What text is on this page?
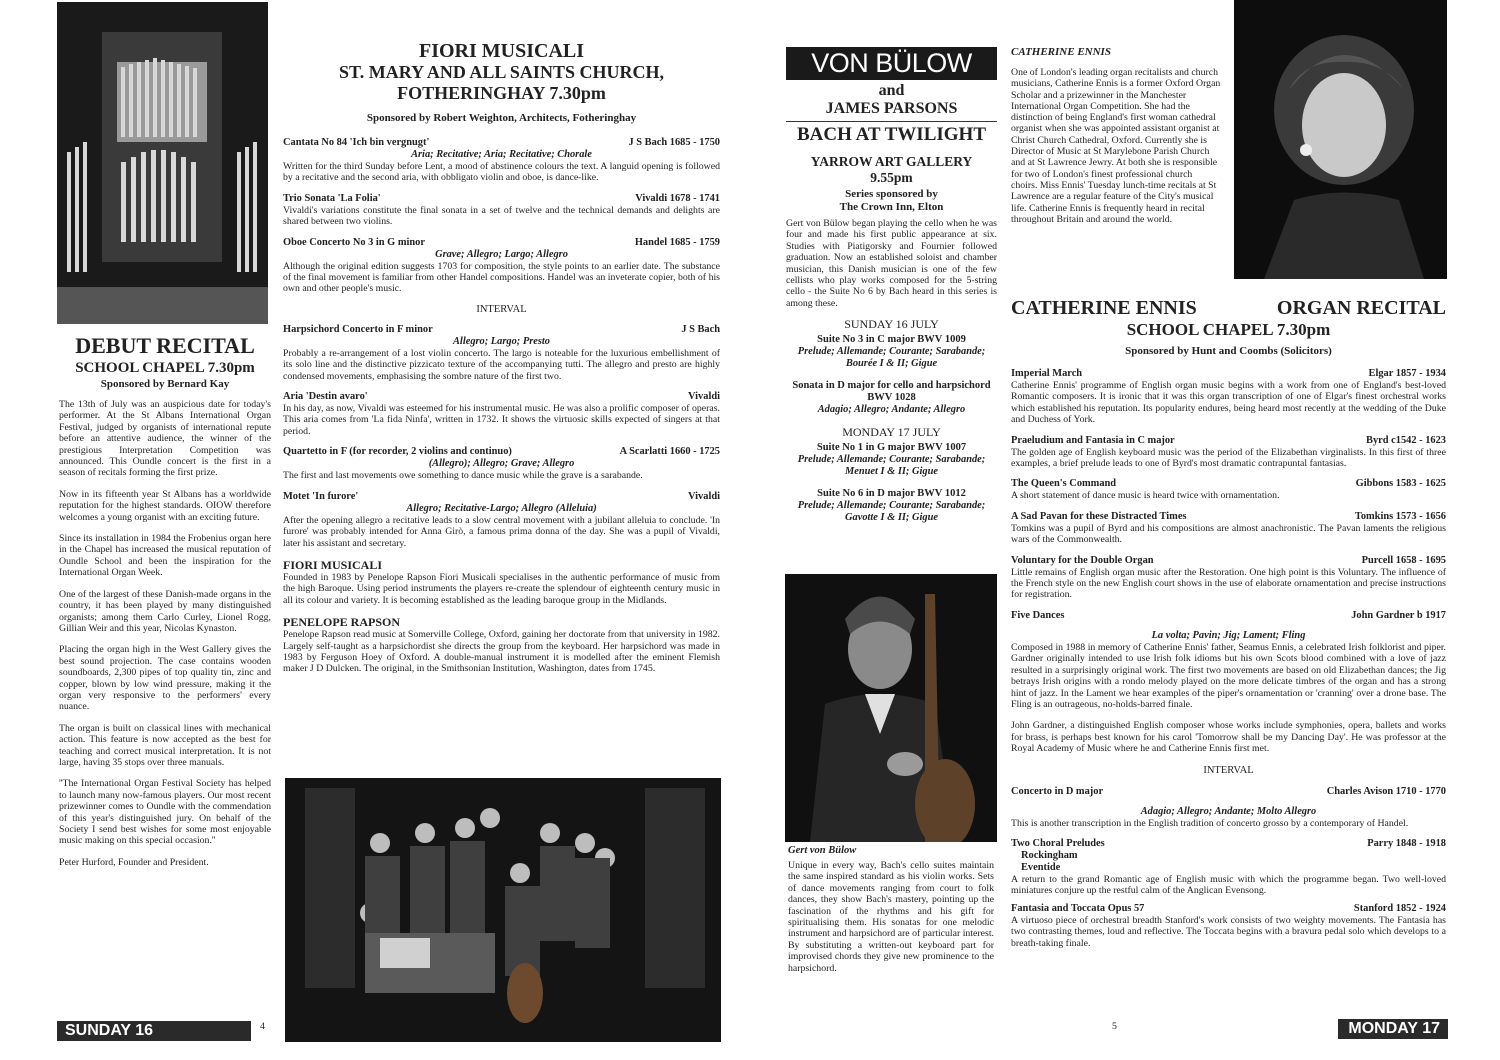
DEBUT RECITAL
SCHOOL CHAPEL 7.30pm
Sponsored by Bernard Kay
The 13th of July was an auspicious date for today's performer. At the St Albans International Organ Festival, judged by organists of international repute before an attentive audience, the winner of the prestigious Interpretation Competition was announced. This Oundle concert is the first in a season of recitals forming the first prize.
Now in its fifteenth year St Albans has a worldwide reputation for the highest standards. OIOW therefore welcomes a young organist with an exciting future.
Since its installation in 1984 the Frobenius organ here in the Chapel has increased the musical reputation of Oundle School and been the inspiration for the International Organ Week.
One of the largest of these Danish-made organs in the country, it has been played by many distinguished organists; among them Carlo Curley, Lionel Rogg, Gillian Weir and this year, Nicolas Kynaston.
Placing the organ high in the West Gallery gives the best sound projection. The case contains wooden soundboards, 2,300 pipes of top quality tin, zinc and copper, blown by low wind pressure, making it the organ very responsive to the performers' every nuance.
The organ is built on classical lines with mechanical action. This feature is now accepted as the best for teaching and correct musical interpretation. It is not large, having 35 stops over three manuals.
''The International Organ Festival Society has helped to launch many now-famous players. Our most recent prizewinner comes to Oundle with the commendation of this year's distinguished jury. On behalf of the Society I send best wishes for some most enjoyable music making on this special occasion.''
Peter Hurford, Founder and President.
FIORI MUSICALI
ST. MARY AND ALL SAINTS CHURCH,
FOTHERINGHAY 7.30pm
Sponsored by Robert Weighton, Architects, Fotheringhay
Cantata No 84 'Ich bin vergnugt'	J S Bach 1685 - 1750
Aria; Recitative; Aria; Recitative; Chorale
Written for the third Sunday before Lent, a mood of abstinence colours the text. A languid opening is followed by a recitative and the second aria, with obbligato violin and oboe, is dance-like.
Trio Sonata 'La Folia'	Vivaldi 1678 - 1741
Vivaldi's variations constitute the final sonata in a set of twelve and the technical demands and delights are shared between two violins.
Oboe Concerto No 3 in G minor	Handel 1685 - 1759
Grave; Allegro; Largo; Allegro
Although the original edition suggests 1703 for composition, the style points to an earlier date. The substance of the final movement is familiar from other Handel compositions. Handel was an inveterate copier, both of his own and other people's music.
INTERVAL
Harpsichord Concerto in F minor	J S Bach
Allegro; Largo; Presto
Probably a re-arrangement of a lost violin concerto. The largo is noteable for the luxurious embellishment of its solo line and the distinctive pizzicato texture of the accompanying tutti. The allegro and presto are highly condensed movements, emphasising the sombre nature of the first two.
Aria 'Destin avaro'	Vivaldi
In his day, as now, Vivaldi was esteemed for his instrumental music. He was also a prolific composer of operas. This aria comes from 'La fida Ninfa', written in 1732. It shows the virtuosic skills expected of singers at that period.
Quartetto in F (for recorder, 2 violins and continuo)	A Scarlatti 1660 - 1725
(Allegro); Allegro; Grave; Allegro
The first and last movements owe something to dance music while the grave is a sarabande.
Motet 'In furore'	Vivaldi
Allegro; Recitative-Largo; Allegro (Alleluia)
After the opening allegro a recitative leads to a slow central movement with a jubilant alleluia to conclude. 'In furore' was probably intended for Anna Girò, a famous prima donna of the day. She was a pupil of Vivaldi, later his assistant and secretary.
FIORI MUSICALI
Founded in 1983 by Penelope Rapson Fiori Musicali specialises in the authentic performance of music from the high Baroque. Using period instruments the players re-create the splendour of eighteenth century music in all its colour and variety. It is becoming established as the leading baroque group in the Midlands.
PENELOPE RAPSON
Penelope Rapson read music at Somerville College, Oxford, gaining her doctorate from that university in 1982. Largely self-taught as a harpsichordist she directs the group from the keyboard. Her harpsichord was made in 1983 by Ferguson Hoey of Oxford. A double-manual instrument it is modelled after the eminent Flemish maker J D Dulcken. The original, in the Smithsonian Institution, Washington, dates from 1745.
SUNDAY 16	4
VON BÜLOW
and
JAMES PARSONS
BACH AT TWILIGHT
YARROW ART GALLERY
9.55pm
Series sponsored by
The Crown Inn, Elton
Gert von Bülow began playing the cello when he was four and made his first public appearance at six. Studies with Piatigorsky and Fournier followed graduation. Now an established soloist and chamber musician, this Danish musician is one of the few cellists who play works composed for the 5-string cello - the Suite No 6 by Bach heard in this series is among these.
SUNDAY 16 JULY
Suite No 3 in C major BWV 1009
Prelude; Allemande; Courante; Sarabande; Bourée I & II; Gigue
Sonata in D major for cello and harpsichord BWV 1028
Adagio; Allegro; Andante; Allegro
MONDAY 17 JULY
Suite No 1 in G major BWV 1007
Prelude; Allemande; Courante; Sarabande; Menuet I & II; Gigue
Suite No 6 in D major BWV 1012
Prelude; Allemande; Courante; Sarabande; Gavotte I & II; Gigue
Gert von Bülow
Unique in every way, Bach's cello suites maintain the same inspired standard as his violin works. Sets of dance movements ranging from court to folk dances, they show Bach's mastery, pointing up the fascination of the rhythms and his gift for spiritualising them. His sonatas for one melodic instrument and harpsichord are of particular interest. By substituting a written-out keyboard part for improvised chords they give new prominence to the harpsichord.
CATHERINE ENNIS
One of London's leading organ recitalists and church musicians, Catherine Ennis is a former Oxford Organ Scholar and a prizewinner in the Manchester International Organ Competition. She had the distinction of being England's first woman cathedral organist when she was appointed assistant organist at Christ Church Cathedral, Oxford. Currently she is Director of Music at St Marylebone Parish Church and at St Lawrence Jewry. At both she is responsible for two of London's finest professional church choirs. Miss Ennis' Tuesday lunch-time recitals at St Lawrence are a regular feature of the City's musical life. Catherine Ennis is frequently heard in recital throughout Britain and around the world.
CATHERINE ENNIS	ORGAN RECITAL
SCHOOL CHAPEL 7.30pm
Sponsored by Hunt and Coombs (Solicitors)
Imperial March	Elgar 1857 - 1934
Catherine Ennis' programme of English organ music begins with a work from one of England's best-loved Romantic composers. It is ironic that it was this organ transcription of one of Elgar's finest orchestral works which established his reputation. Its popularity endures, being heard most recently at the wedding of the Duke and Duchess of York.
Praeludium and Fantasia in C major	Byrd c1542 - 1623
The golden age of English keyboard music was the period of the Elizabethan virginalists. In this first of three examples, a brief prelude leads to one of Byrd's most dramatic contrapuntal fantasias.
The Queen's Command	Gibbons 1583 - 1625
A short statement of dance music is heard twice with ornamentation.
A Sad Pavan for these Distracted Times	Tomkins 1573 - 1656
Tomkins was a pupil of Byrd and his compositions are almost anachronistic. The Pavan laments the religious wars of the Commonwealth.
Voluntary for the Double Organ	Purcell 1658 - 1695
Little remains of English organ music after the Restoration. One high point is this Voluntary. The influence of the French style on the new English court shows in the use of elaborate ornamentation and precise instructions for registration.
Five Dances	John Gardner b 1917
La volta; Pavin; Jig; Lament; Fling
Composed in 1988 in memory of Catherine Ennis' father, Seamus Ennis, a celebrated Irish folklorist and piper. Gardner originally intended to use Irish folk idioms but his own Scots blood combined with a love of jazz resulted in a surprisingly original work. The first two movements are based on old Elizabethan dances; the Jig betrays Irish origins with a rondo melody played on the more delicate timbres of the organ and has a strong hint of jazz. In the Lament we hear examples of the piper's ornamentation or 'cranning' over a drone base. The Fling is an outrageous, no-holds-barred finale.
John Gardner, a distinguished English composer whose works include symphonies, opera, ballets and works for brass, is perhaps best known for his carol 'Tomorrow shall be my Dancing Day'. He was professor at the Royal Academy of Music where he and Catherine Ennis first met.
INTERVAL
Concerto in D major	Charles Avison 1710 - 1770
Adagio; Allegro; Andante; Molto Allegro
This is another transcription in the English tradition of concerto grosso by a contemporary of Handel.
Two Choral Preludes	Parry 1848 - 1918
Rockingham
Eventide
A return to the grand Romantic age of English music with which the programme began. Two well-loved miniatures conjure up the restful calm of the Anglican Evensong.
Fantasia and Toccata Opus 57	Stanford 1852 - 1924
A virtuoso piece of orchestral breadth Stanford's work consists of two weighty movements. The Fantasia has two contrasting themes, loud and reflective. The Toccata begins with a bravura pedal solo which develops to a breath-taking finale.
5	MONDAY 17
